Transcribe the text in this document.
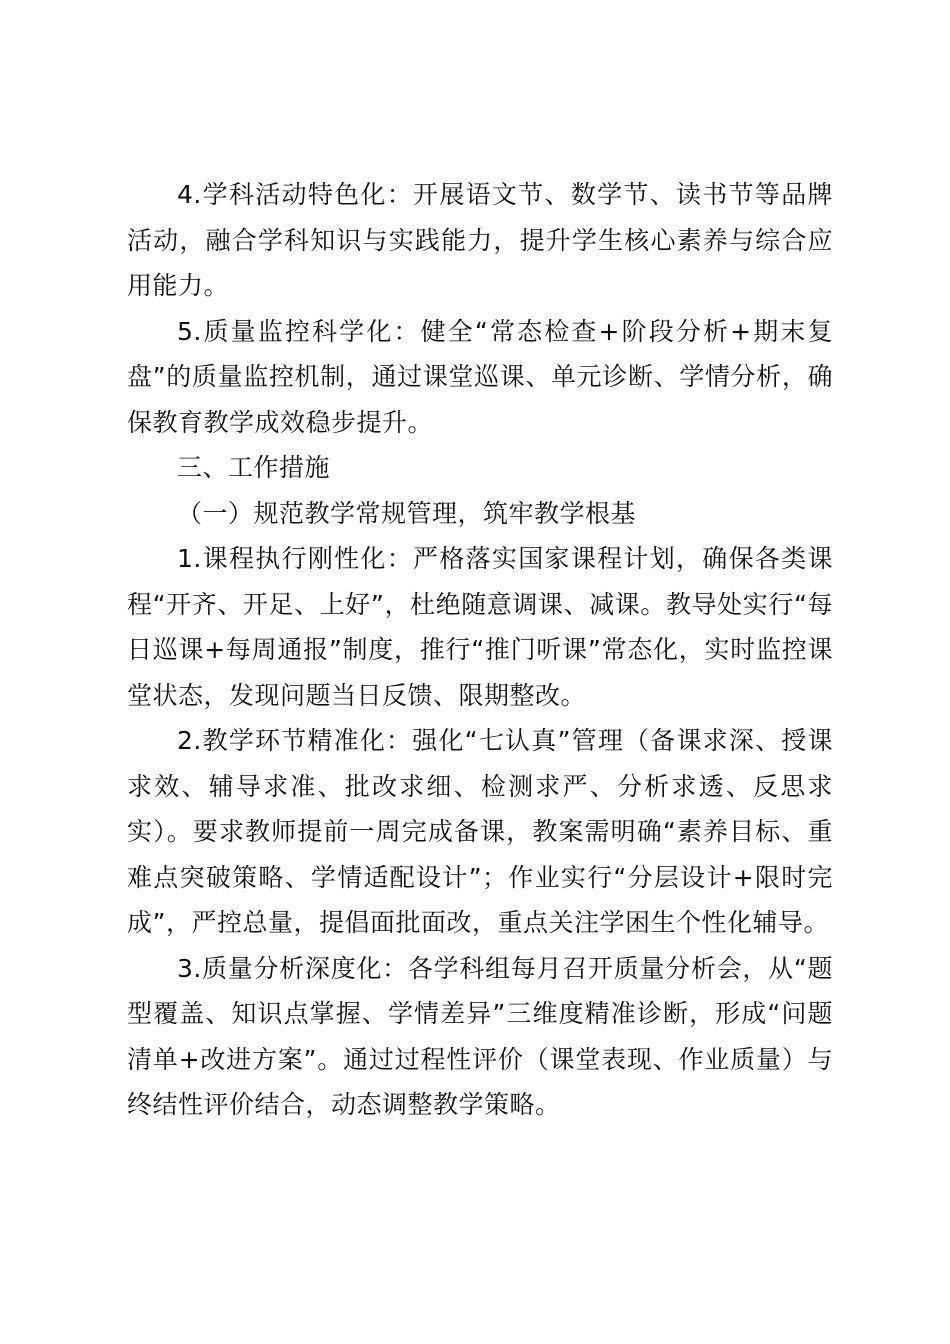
4.学科活动特色化：开展语文节、数学节、读书节等品牌活动，融合学科知识与实践能力，提升学生核心素养与综合应用能力。

5.质量监控科学化：健全“常态检查+阶段分析+期末复盘”的质量监控机制，通过课堂巡课、单元诊断、学情分析，确保教育教学成效稳步提升。

三、工作措施

（一）规范教学常规管理，筑牢教学根基

1.课程执行刚性化：严格落实国家课程计划，确保各类课程“开齐、开足、上好”，杜绝随意调课、减课。教导处实行“每日巡课+每周通报”制度，推行“推门听课”常态化，实时监控课堂状态，发现问题当日反馈、限期整改。

2.教学环节精准化：强化“七认真”管理（备课求深、授课求效、辅导求准、批改求细、检测求严、分析求透、反思求实）。要求教师提前一周完成备课，教案需明确“素养目标、重难点突破策略、学情适配设计”；作业实行“分层设计+限时完成”，严控总量，提倡面批面改，重点关注学困生个性化辅导。

3.质量分析深度化：各学科组每月召开质量分析会，从“题型覆盖、知识点掌握、学情差异”三维度精准诊断，形成“问题清单+改进方案”。通过过程性评价（课堂表现、作业质量）与终结性评价结合，动态调整教学策略。
